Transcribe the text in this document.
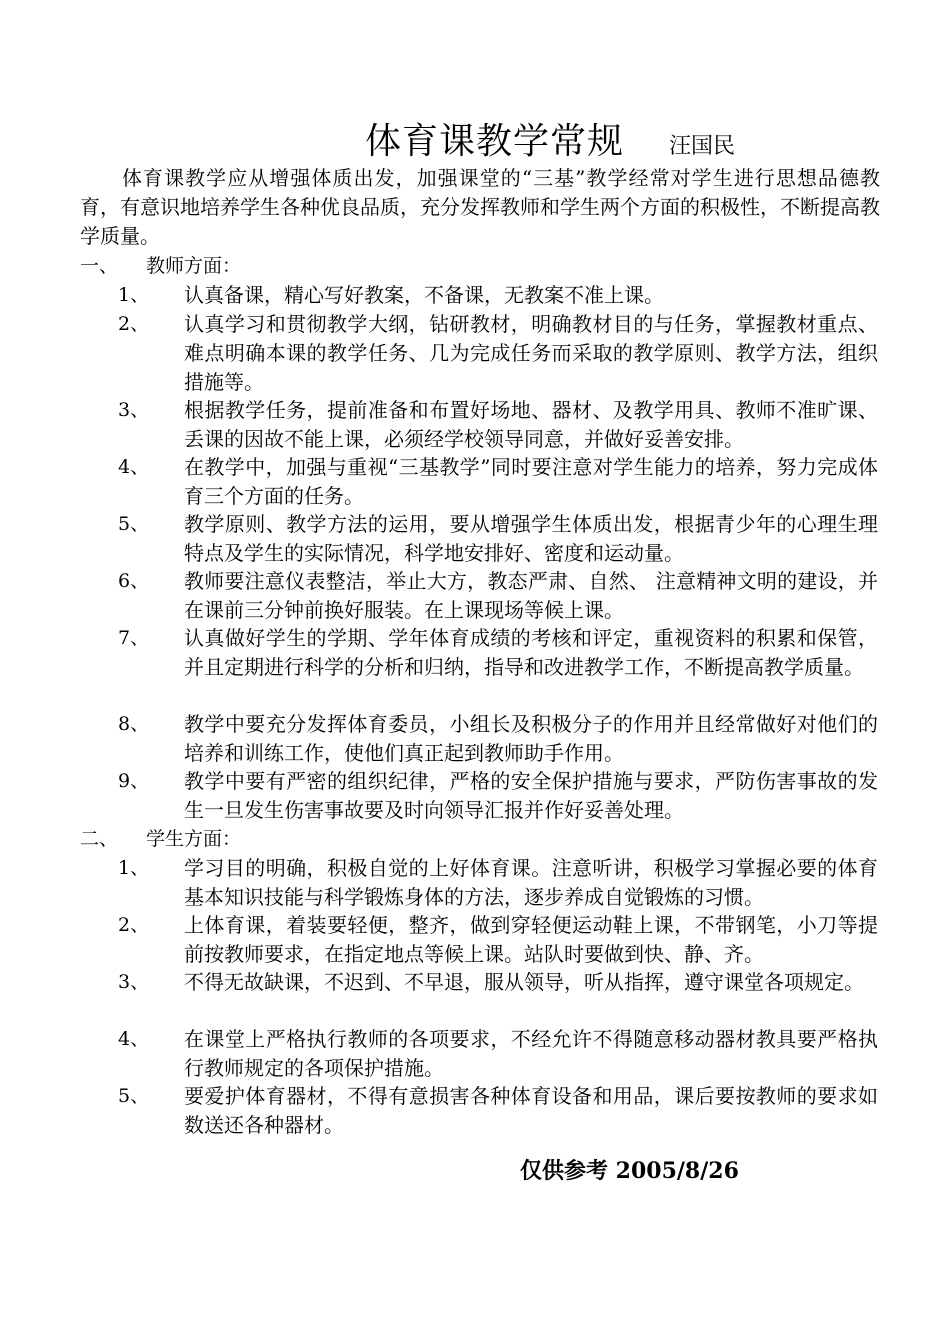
体育课教学常规 汪国民

体育课教学应从增强体质出发，加强课堂的“三基”教学经常对学生进行思想品德教育，有意识地培养学生各种优良品质，充分发挥教师和学生两个方面的积极性，不断提高教学质量。

一、 教师方面：
1、 认真备课，精心写好教案，不备课，无教案不准上课。
2、 认真学习和贯彻教学大纲，钻研教材，明确教材目的与任务，掌握教材重点、难点明确本课的教学任务、几为完成任务而采取的教学原则、教学方法，组织措施等。
3、 根据教学任务，提前准备和布置好场地、器材、及教学用具、教师不准旷课、丢课的因故不能上课，必须经学校领导同意，并做好妥善安排。
4、 在教学中，加强与重视“三基教学”同时要注意对学生能力的培养，努力完成体育三个方面的任务。
5、 教学原则、教学方法的运用，要从增强学生体质出发，根据青少年的心理生理特点及学生的实际情况，科学地安排好、密度和运动量。
6、 教师要注意仪表整洁，举止大方，教态严肃、自然、 注意精神文明的建设，并在课前三分钟前换好服装。在上课现场等候上课。
7、 认真做好学生的学期、学年体育成绩的考核和评定，重视资料的积累和保管，并且定期进行科学的分析和归纳，指导和改进教学工作，不断提高教学质量。
8、 教学中要充分发挥体育委员，小组长及积极分子的作用并且经常做好对他们的培养和训练工作，使他们真正起到教师助手作用。
9、 教学中要有严密的组织纪律，严格的安全保护措施与要求，严防伤害事故的发生一旦发生伤害事故要及时向领导汇报并作好妥善处理。
二、 学生方面：
1、 学习目的明确，积极自觉的上好体育课。注意听讲，积极学习掌握必要的体育基本知识技能与科学锻炼身体的方法，逐步养成自觉锻炼的习惯。
2、 上体育课，着装要轻便，整齐，做到穿轻便运动鞋上课，不带钢笔，小刀等提前按教师要求，在指定地点等候上课。站队时要做到快、静、齐。
3、 不得无故缺课，不迟到、不早退，服从领导，听从指挥，遵守课堂各项规定。
4、 在课堂上严格执行教师的各项要求，不经允许不得随意移动器材教具要严格执行教师规定的各项保护措施。
5、 要爱护体育器材，不得有意损害各种体育设备和用品，课后要按教师的要求如数送还各种器材。
仅供参考 2005/8/26
